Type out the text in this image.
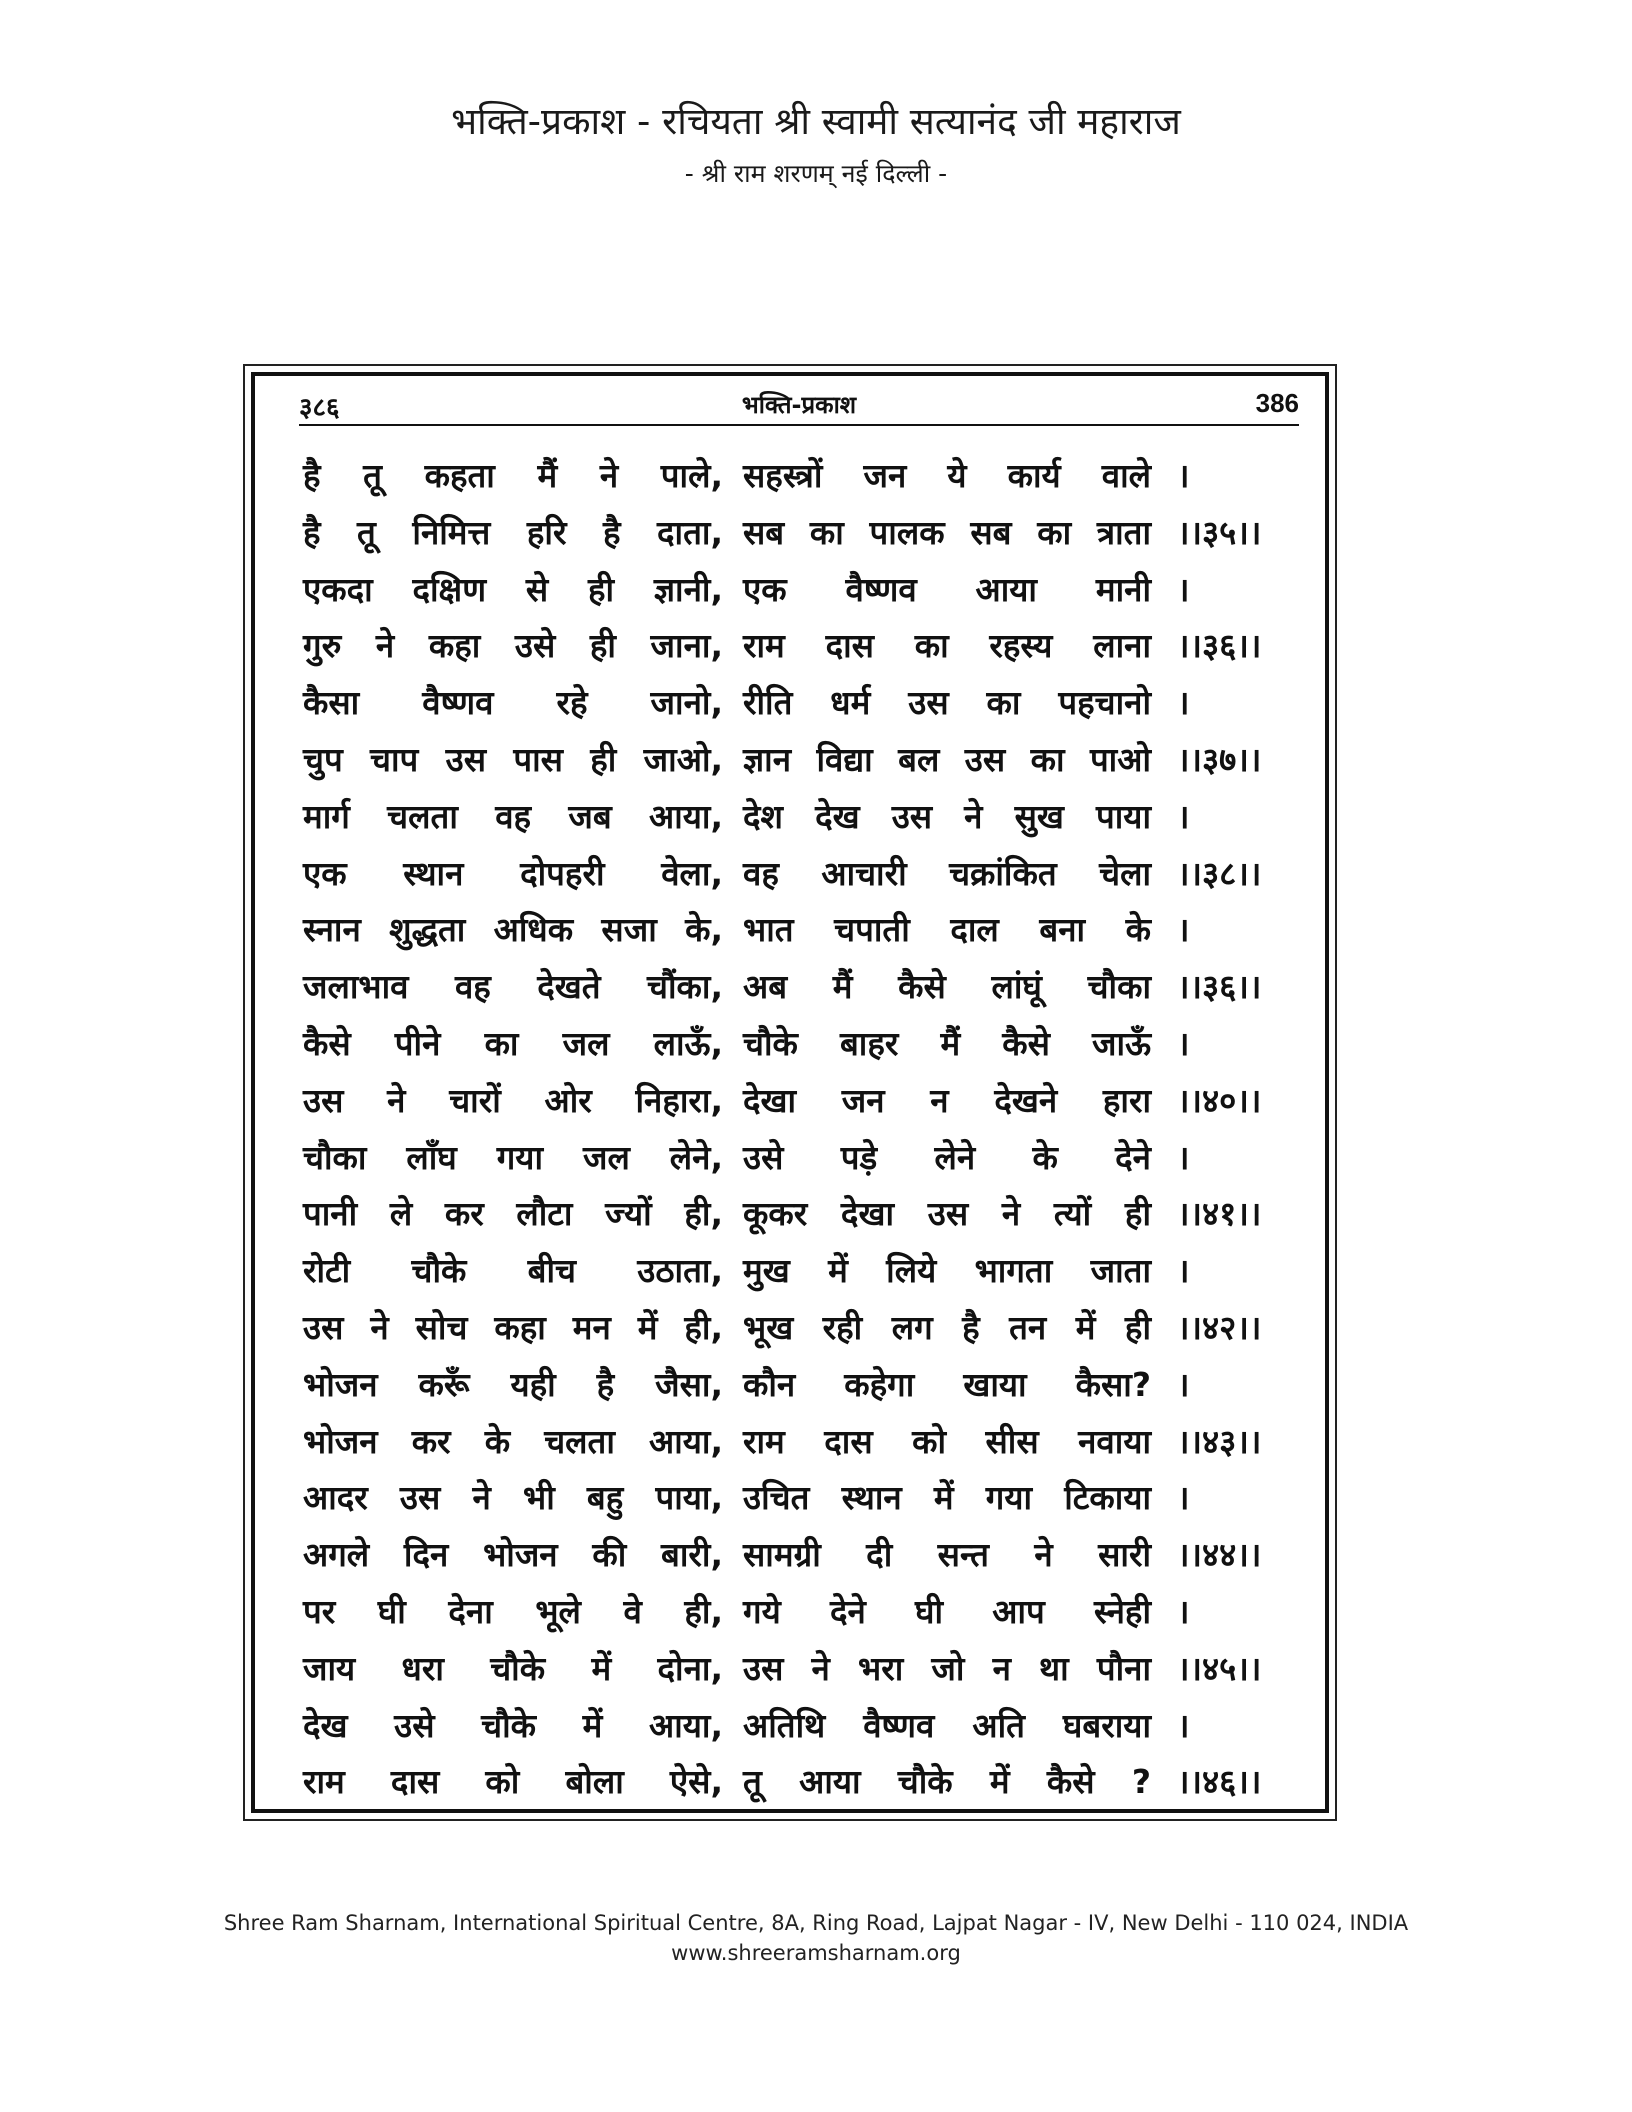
भक्ति-प्रकाश - रचियता श्री स्वामी सत्यानंद जी महाराज
- श्री राम शरणम् नई दिल्ली -
३८६	भक्ति-प्रकाश	386
है तू कहता मैं ने पाले, सहस्त्रों जन ये कार्य वाले ।
है तू निमित्त हरि है दाता, सब का पालक सब का त्राता ।।३५।।
एकदा दक्षिण से ही ज्ञानी, एक वैष्णव आया मानी ।
गुरु ने कहा उसे ही जाना, राम दास का रहस्य लाना ।।३६।।
कैसा वैष्णव रहे जानो, रीति धर्म उस का पहचानो ।
चुप चाप उस पास ही जाओ, ज्ञान विद्या बल उस का पाओ ।।३७।।
मार्ग चलता वह जब आया, देश देख उस ने सुख पाया ।
एक स्थान दोपहरी वेला, वह आचारी चक्रांकित चेला ।।३८।।
स्नान शुद्धता अधिक सजा के, भात चपाती दाल बना के ।
जलाभाव वह देखते चौंका, अब मैं कैसे लांघूं चौका ।।३६।।
कैसे पीने का जल लाऊँ, चौके बाहर मैं कैसे जाऊँ ।
उस ने चारों ओर निहारा, देखा जन न देखने हारा ।।४०।।
चौका लाँघ गया जल लेने, उसे पड़े लेने के देने ।
पानी ले कर लौटा ज्यों ही, कूकर देखा उस ने त्यों ही ।।४१।।
रोटी चौके बीच उठाता, मुख में लिये भागता जाता ।
उस ने सोच कहा मन में ही, भूख रही लग है तन में ही ।।४२।।
भोजन करूँ यही है जैसा, कौन कहेगा खाया कैसा? ।
भोजन कर के चलता आया, राम दास को सीस नवाया ।।४३।।
आदर उस ने भी बहु पाया, उचित स्थान में गया टिकाया ।
अगले दिन भोजन की बारी, सामग्री दी सन्त ने सारी ।।४४।।
पर घी देना भूले वे ही, गये देने घी आप स्नेही ।
जाय धरा चौके में दोना, उस ने भरा जो न था पौना ।।४५।।
देख उसे चौके में आया, अतिथि वैष्णव अति घबराया ।
राम दास को बोला ऐसे, तू आया चौके में कैसे ? ।।४६।।
Shree Ram Sharnam, International Spiritual Centre, 8A, Ring Road, Lajpat Nagar - IV, New Delhi - 110 024, INDIA
www.shreeramsharnam.org
